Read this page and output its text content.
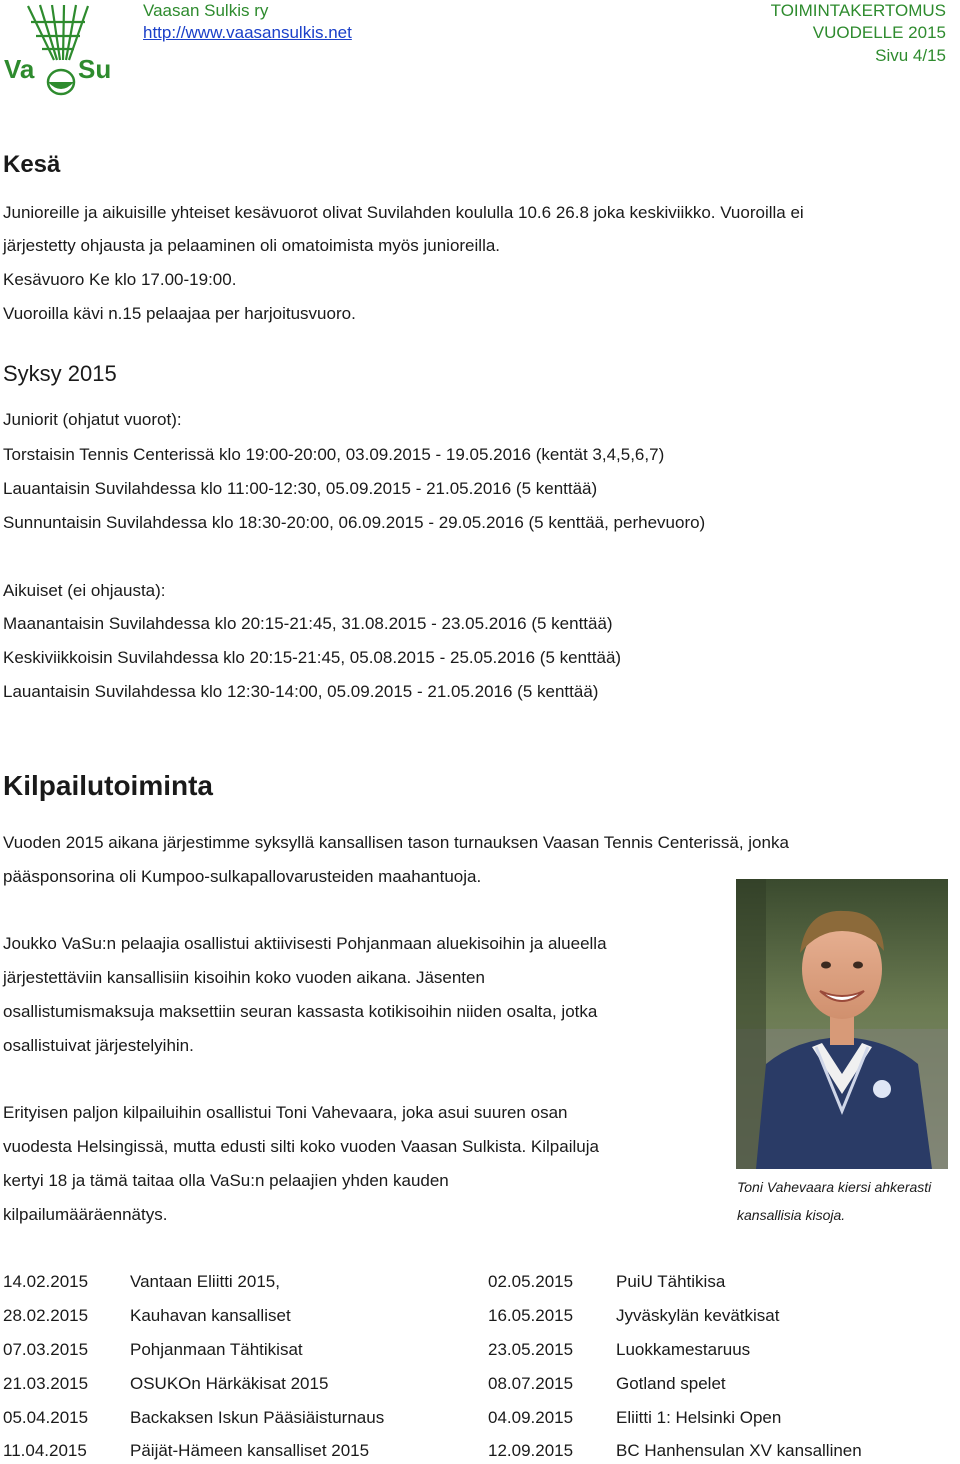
Va Su
Vaasan Sulkis ry
http://www.vaasansulkis.net
TOIMINTAKERTOMUS
VUODELLE 2015
Sivu 4/15
Kesä
Junioreille ja aikuisille yhteiset kesävuorot olivat Suvilahden koululla 10.6 26.8 joka keskiviikko. Vuoroilla ei
järjestetty ohjausta ja pelaaminen oli omatoimista myös junioreilla.
Kesävuoro Ke klo 17.00-19:00.
Vuoroilla kävi n.15 pelaajaa per harjoitusvuoro.
Syksy 2015
Juniorit (ohjatut vuorot):
Torstaisin Tennis Centerissä klo 19:00-20:00, 03.09.2015 - 19.05.2016 (kentät 3,4,5,6,7)
Lauantaisin Suvilahdessa klo 11:00-12:30, 05.09.2015 - 21.05.2016 (5 kenttää)
Sunnuntaisin Suvilahdessa klo 18:30-20:00, 06.09.2015 - 29.05.2016 (5 kenttää, perhevuoro)
Aikuiset (ei ohjausta):
Maanantaisin Suvilahdessa klo 20:15-21:45, 31.08.2015 - 23.05.2016 (5 kenttää)
Keskiviikkoisin Suvilahdessa klo 20:15-21:45, 05.08.2015 - 25.05.2016 (5 kenttää)
Lauantaisin Suvilahdessa klo 12:30-14:00, 05.09.2015 - 21.05.2016 (5 kenttää)
Kilpailutoiminta
Vuoden 2015 aikana järjestimme syksyllä kansallisen tason turnauksen Vaasan Tennis Centerissä, jonka
pääsponsorina oli Kumpoo-sulkapallovarusteiden maahantuoja.
Joukko VaSu:n pelaajia osallistui aktiivisesti Pohjanmaan aluekisoihin ja alueella
järjestettäviin kansallisiin kisoihin koko vuoden aikana. Jäsenten
osallistumismaksuja maksettiin seuran kassasta kotikisoihin niiden osalta, jotka
osallistuivat järjestelyihin.
Erityisen paljon kilpailuihin osallistui Toni Vahevaara, joka asui suuren osan
vuodesta Helsingissä, mutta edusti silti koko vuoden Vaasan Sulkista. Kilpailuja
kertyi 18 ja tämä taitaa olla VaSu:n pelaajien yhden kauden
kilpailumääräennätys.
Toni Vahevaara kiersi ahkerasti
kansallisia kisoja.
14.02.2015 Vantaan Eliitti 2015,	02.05.2015	PuiU Tähtikisa
28.02.2015 Kauhavan kansalliset	16.05.2015	Jyväskylän kevätkisat
07.03.2015 Pohjanmaan Tähtikisat	23.05.2015	Luokkamestaruus
21.03.2015 OSUKOn Härkäkisat 2015	08.07.2015	Gotland spelet
05.04.2015 Backaksen Iskun Pääsiäisturnaus	04.09.2015	Eliitti 1: Helsinki Open
11.04.2015	Päijät-Hämeen kansalliset 2015	12.09.2015	BC Hanhensulan XV kansallinen
